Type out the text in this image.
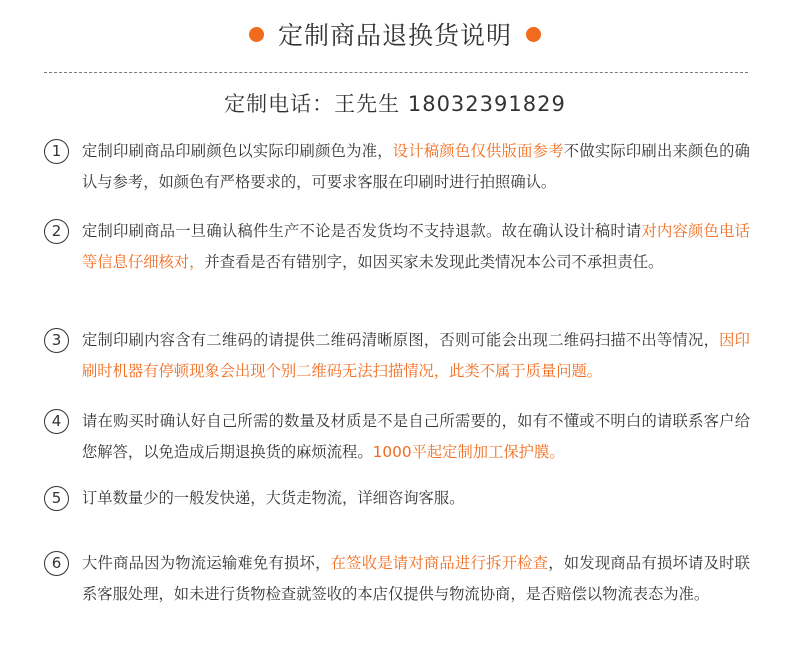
定制商品退换货说明
定制电话：王先生 18032391829
1	定制印刷商品印刷颜色以实际印刷颜色为准，设计稿颜色仅供版面参考不做实际印刷出来颜色的确认与参考，如颜色有严格要求的，可要求客服在印刷时进行拍照确认。
2	定制印刷商品一旦确认稿件生产不论是否发货均不支持退款。故在确认设计稿时请对内容颜色电话等信息仔细核对，并查看是否有错别字，如因买家未发现此类情况本公司不承担责任。
3	定制印刷内容含有二维码的请提供二维码清晰原图，否则可能会出现二维码扫描不出等情况，因印刷时机器有停顿现象会出现个别二维码无法扫描情况，此类不属于质量问题。
4	请在购买时确认好自己所需的数量及材质是不是自己所需要的，如有不懂或不明白的请联系客户给您解答，以免造成后期退换货的麻烦流程。1000平起定制加工保护膜。
5	订单数量少的一般发快递，大货走物流，详细咨询客服。
6	大件商品因为物流运输难免有损坏，在签收是请对商品进行拆开检查，如发现商品有损坏请及时联系客服处理，如未进行货物检查就签收的本店仅提供与物流协商，是否赔偿以物流表态为准。
